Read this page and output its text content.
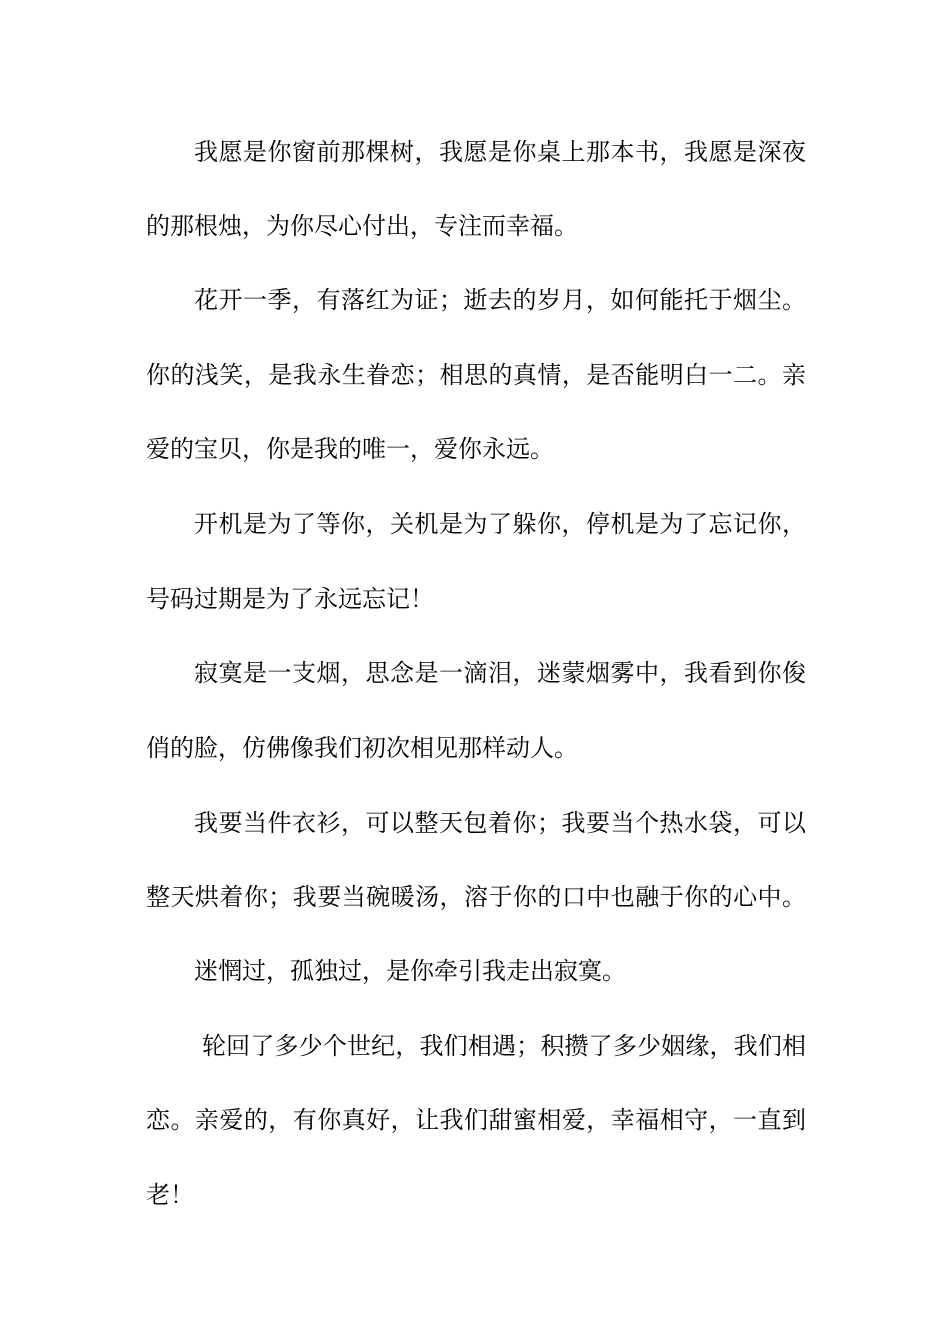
我愿是你窗前那棵树，我愿是你桌上那本书，我愿是深夜
的那根烛，为你尽心付出，专注而幸福。
花开一季，有落红为证；逝去的岁月，如何能托于烟尘。
你的浅笑，是我永生眷恋；相思的真情，是否能明白一二。亲
爱的宝贝，你是我的唯一，爱你永远。
开机是为了等你，关机是为了躲你，停机是为了忘记你，
号码过期是为了永远忘记！
寂寞是一支烟，思念是一滴泪，迷蒙烟雾中，我看到你俊
俏的脸，仿佛像我们初次相见那样动人。
我要当件衣衫，可以整天包着你；我要当个热水袋，可以
整天烘着你；我要当碗暖汤，溶于你的口中也融于你的心中。
迷惘过，孤独过，是你牵引我走出寂寞。
轮回了多少个世纪，我们相遇；积攒了多少姻缘，我们相
恋。亲爱的，有你真好，让我们甜蜜相爱，幸福相守，一直到
老！
